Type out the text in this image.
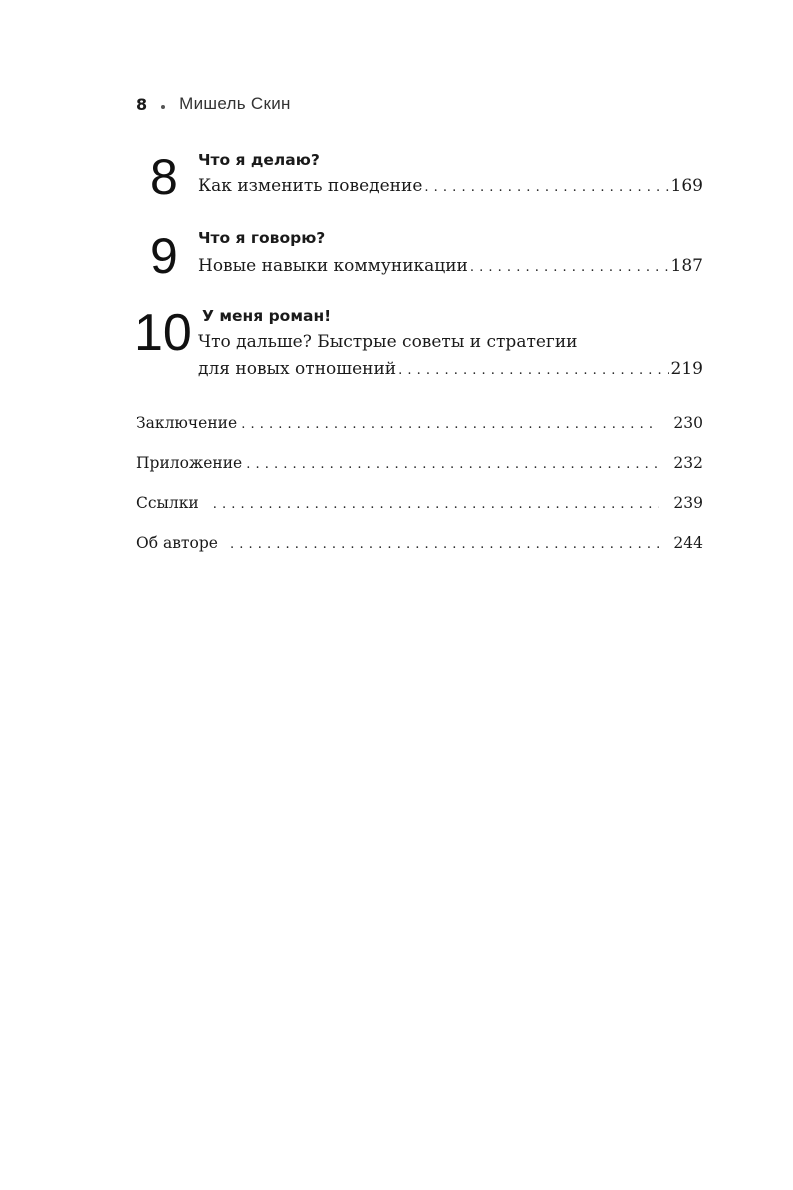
8 Мишель Скин
8 Что я делаю?
Как изменить поведение . . .	169
9 Что я говорю?
Новые навыки коммуникации . . .	187
10 У меня роман!
Что дальше? Быстрые советы и стратегии
для новых отношений . . .	219
Заключение . . .	230
Приложение . . .	232
Ссылки . . .	239
Об авторе . . .	244
